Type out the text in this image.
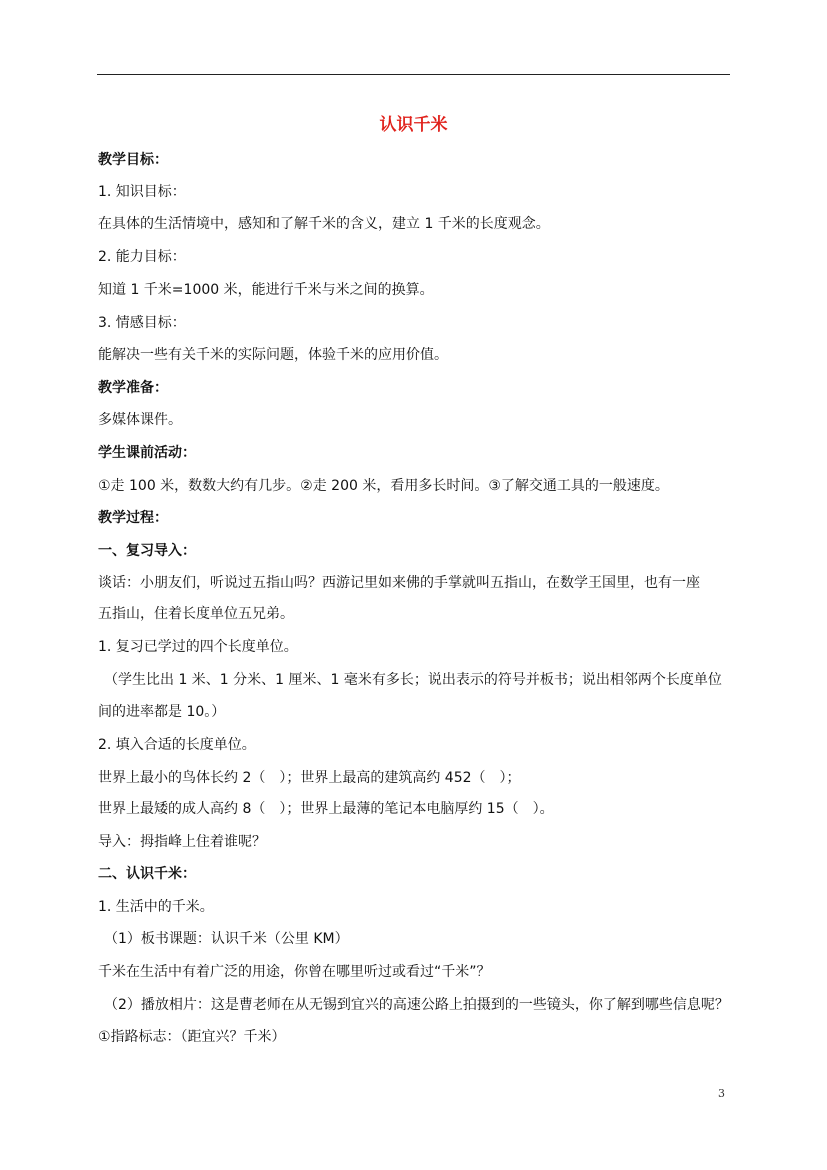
认识千米
教学目标：
1. 知识目标：
在具体的生活情境中，感知和了解千米的含义，建立 1 千米的长度观念。
2. 能力目标：
知道 1 千米=1000 米，能进行千米与米之间的换算。
3. 情感目标：
能解决一些有关千米的实际问题，体验千米的应用价值。
教学准备：
多媒体课件。
学生课前活动：
①走 100 米，数数大约有几步。②走 200 米，看用多长时间。③了解交通工具的一般速度。
教学过程：
一、复习导入：
谈话：小朋友们，听说过五指山吗？西游记里如来佛的手掌就叫五指山，在数学王国里，也有一座
五指山，住着长度单位五兄弟。
1. 复习已学过的四个长度单位。
（学生比出 1 米、1 分米、1 厘米、1 毫米有多长；说出表示的符号并板书；说出相邻两个长度单位
间的进率都是 10。）
2. 填入合适的长度单位。
世界上最小的鸟体长约 2（　）；世界上最高的建筑高约 452（　）；
世界上最矮的成人高约 8（　）；世界上最薄的笔记本电脑厚约 15（　）。
导入：拇指峰上住着谁呢？
二、认识千米：
1. 生活中的千米。
（1）板书课题：认识千米（公里 KM）
千米在生活中有着广泛的用途，你曾在哪里听过或看过“千米”？
（2）播放相片：这是曹老师在从无锡到宜兴的高速公路上拍摄到的一些镜头，你了解到哪些信息呢？
①指路标志：（距宜兴？千米）
3
